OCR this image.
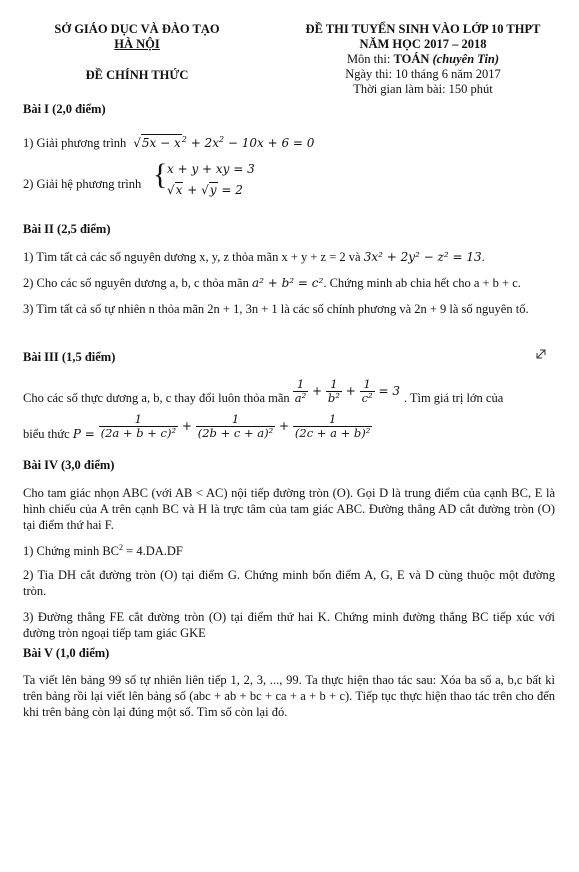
SỞ GIÁO DỤC VÀ ĐÀO TẠO
HÀ NỘI
ĐỀ CHÍNH THỨC
ĐỀ THI TUYỂN SINH VÀO LỚP 10 THPT
NĂM HỌC 2017 – 2018
Môn thi: TOÁN (chuyên Tin)
Ngày thi: 10 tháng 6 năm 2017
Thời gian làm bài: 150 phút
Bài I (2,0 điểm)
1) Giải phương trình  $√5x - x^2 + 2x^2 - 10x + 6 = 0$
2) Giải hệ phương trình { x + y + xy = 3
√x + √y = 2
Bài II (2,5 điểm)
1) Tìm tất cả các số nguyên dương x, y, z thỏa mãn x + y + z = 2 và 3x² + 2y² − z² = 13.
2) Cho các số nguyên dương a, b, c thỏa mãn a² + b² = c². Chứng minh ab chia hết cho a + b + c.
3) Tìm tất cả số tự nhiên n thỏa mãn 2n + 1, 3n + 1 là các số chính phương và 2n + 9 là số nguyên tố.
Bài III (1,5 điểm)
Cho các số thực dương a, b, c thay đổi luôn thỏa mãn $\frac{1}{\text{a²}} + \frac{1}{\text{b²}} + \frac{1}{\text{c²}} = 3$ . Tìm giá trị lớn của
biểu thức $P = \frac{1}{\text{(2a + b + c)²}} + \frac{1}{\text{(2b + c + a)²}} + \frac{1}{\text{(2c + a + b)²}}$
Bài IV (3,0 điểm)
Cho tam giác nhọn ABC (với AB < AC) nội tiếp đường tròn (O). Gọi D là trung điểm của cạnh BC, E là hình chiếu của A trên cạnh BC và H là trực tâm của tam giác ABC. Đường thẳng AD cắt đường tròn (O) tại điểm thứ hai F.
1) Chứng minh $BC^2 = 4.DA.DF$
2) Tia DH cắt đường tròn (O) tại điểm G. Chứng minh bốn điểm A, G, E và D cùng thuộc một đường tròn.
3) Đường thẳng FE cắt đường tròn (O) tại điểm thứ hai K. Chứng minh đường thẳng BC tiếp xúc với đường tròn ngoại tiếp tam giác GKE
Bài V (1,0 điểm)
Ta viết lên bảng 99 số tự nhiên liên tiếp 1, 2, 3, ..., 99. Ta thực hiện thao tác sau: Xóa ba số a, b,c bất kì trên bảng rồi lại viết lên bảng số (abc + ab + bc + ca + a + b + c). Tiếp tục thực hiện thao tác trên cho đến khi trên bảng còn lại đúng một số. Tìm số còn lại đó.
